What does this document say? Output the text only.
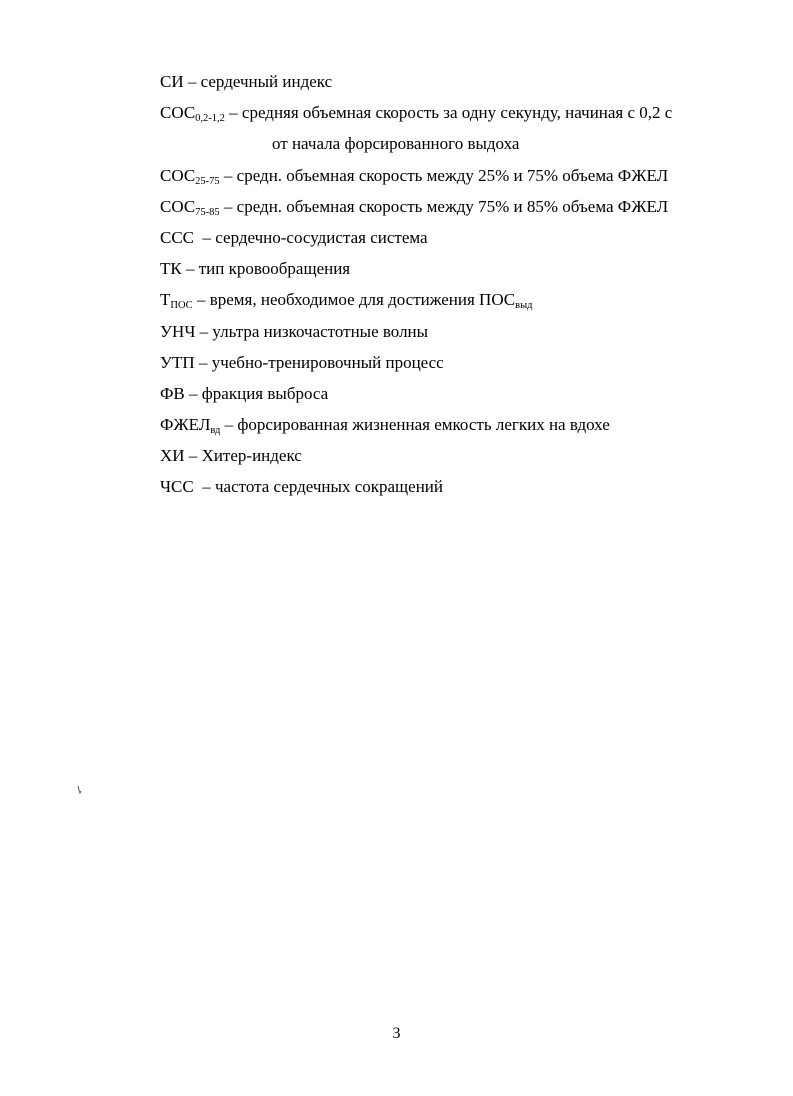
СИ – сердечный индекс
$СОС_{0,2-1,2}$ – средняя объемная скорость за одну секунду, начиная с 0,2 с
от начала форсированного выдоха
$СОС_{25-75}$ – средн. объемная скорость между 25% и 75% объема ФЖЕЛ
$СОС_{75-85}$ – средн. объемная скорость между 75% и 85% объема ФЖЕЛ
ССС  – сердечно-сосудистая система
ТК – тип кровообращения
$Т_{ПОС}$ – время, необходимое для достижения $ПОС_{выд}$
УНЧ – ультра низкочастотные волны
УТП – учебно-тренировочный процесс
ФВ – фракция выброса
$ФЖЕЛ_{вд}$ – форсированная жизненная емкость легких на вдохе
ХИ – Хитер-индекс
ЧСС  – частота сердечных сокращений
3
